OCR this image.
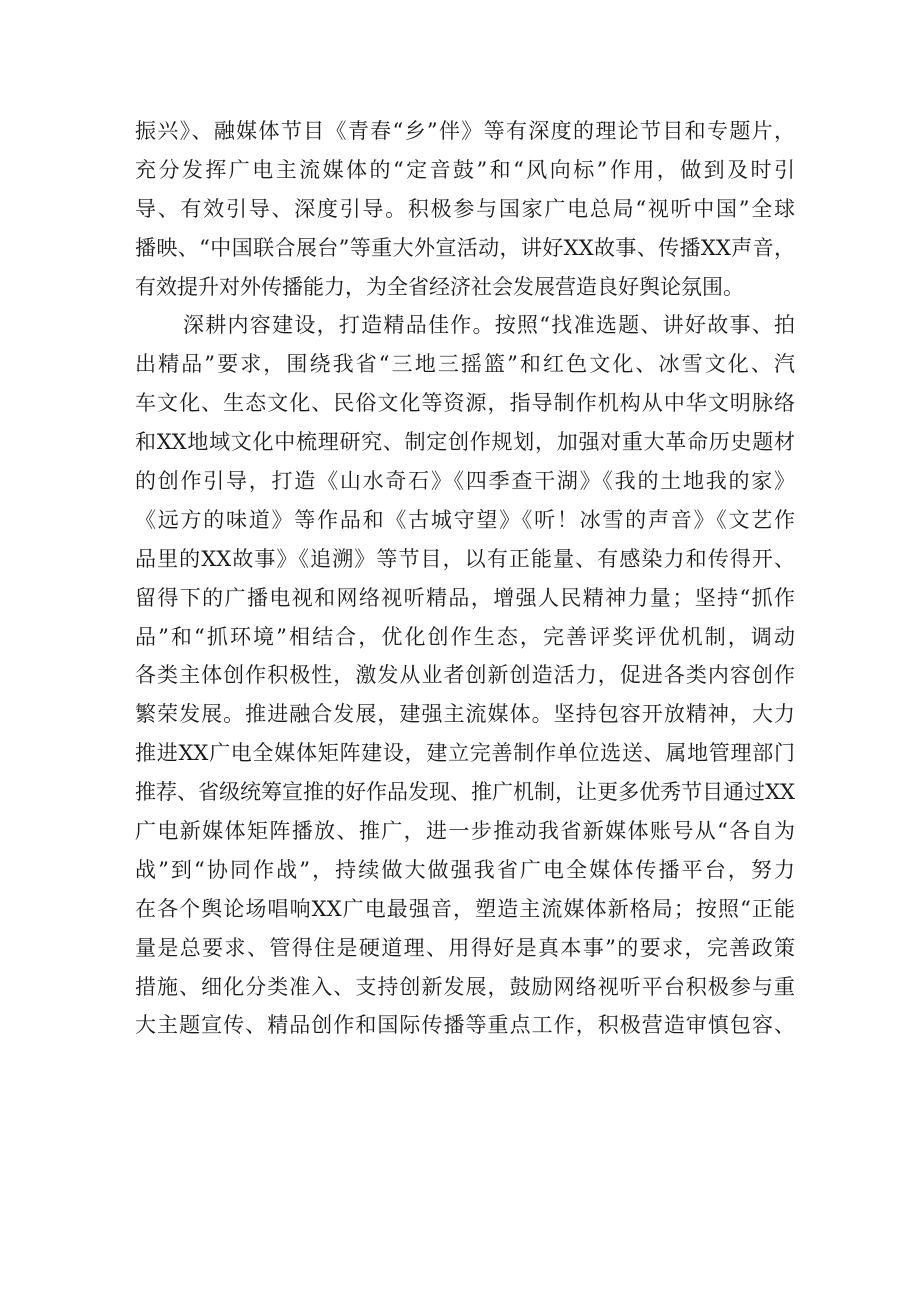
振兴》、融媒体节目《青春“乡”伴》等有深度的理论节目和专题片，
充分发挥广电主流媒体的“定音鼓”和“风向标”作用，做到及时引
导、有效引导、深度引导。积极参与国家广电总局“视听中国”全球
播映、“中国联合展台”等重大外宣活动，讲好XX故事、传播XX声音，
有效提升对外传播能力，为全省经济社会发展营造良好舆论氛围。
深耕内容建设，打造精品佳作。按照“找准选题、讲好故事、拍
出精品”要求，围绕我省“三地三摇篮”和红色文化、冰雪文化、汽
车文化、生态文化、民俗文化等资源，指导制作机构从中华文明脉络
和XX地域文化中梳理研究、制定创作规划，加强对重大革命历史题材
的创作引导，打造《山水奇石》《四季查干湖》《我的土地我的家》
《远方的味道》等作品和《古城守望》《听！冰雪的声音》《文艺作
品里的XX故事》《追溯》等节目，以有正能量、有感染力和传得开、
留得下的广播电视和网络视听精品，增强人民精神力量；坚持“抓作
品”和“抓环境”相结合，优化创作生态，完善评奖评优机制，调动
各类主体创作积极性，激发从业者创新创造活力，促进各类内容创作
繁荣发展。推进融合发展，建强主流媒体。坚持包容开放精神，大力
推进XX广电全媒体矩阵建设，建立完善制作单位选送、属地管理部门
推荐、省级统筹宣推的好作品发现、推广机制，让更多优秀节目通过XX
广电新媒体矩阵播放、推广，进一步推动我省新媒体账号从“各自为
战”到“协同作战”，持续做大做强我省广电全媒体传播平台，努力
在各个舆论场唱响XX广电最强音，塑造主流媒体新格局；按照“正能
量是总要求、管得住是硬道理、用得好是真本事”的要求，完善政策
措施、细化分类准入、支持创新发展，鼓励网络视听平台积极参与重
大主题宣传、精品创作和国际传播等重点工作，积极营造审慎包容、
